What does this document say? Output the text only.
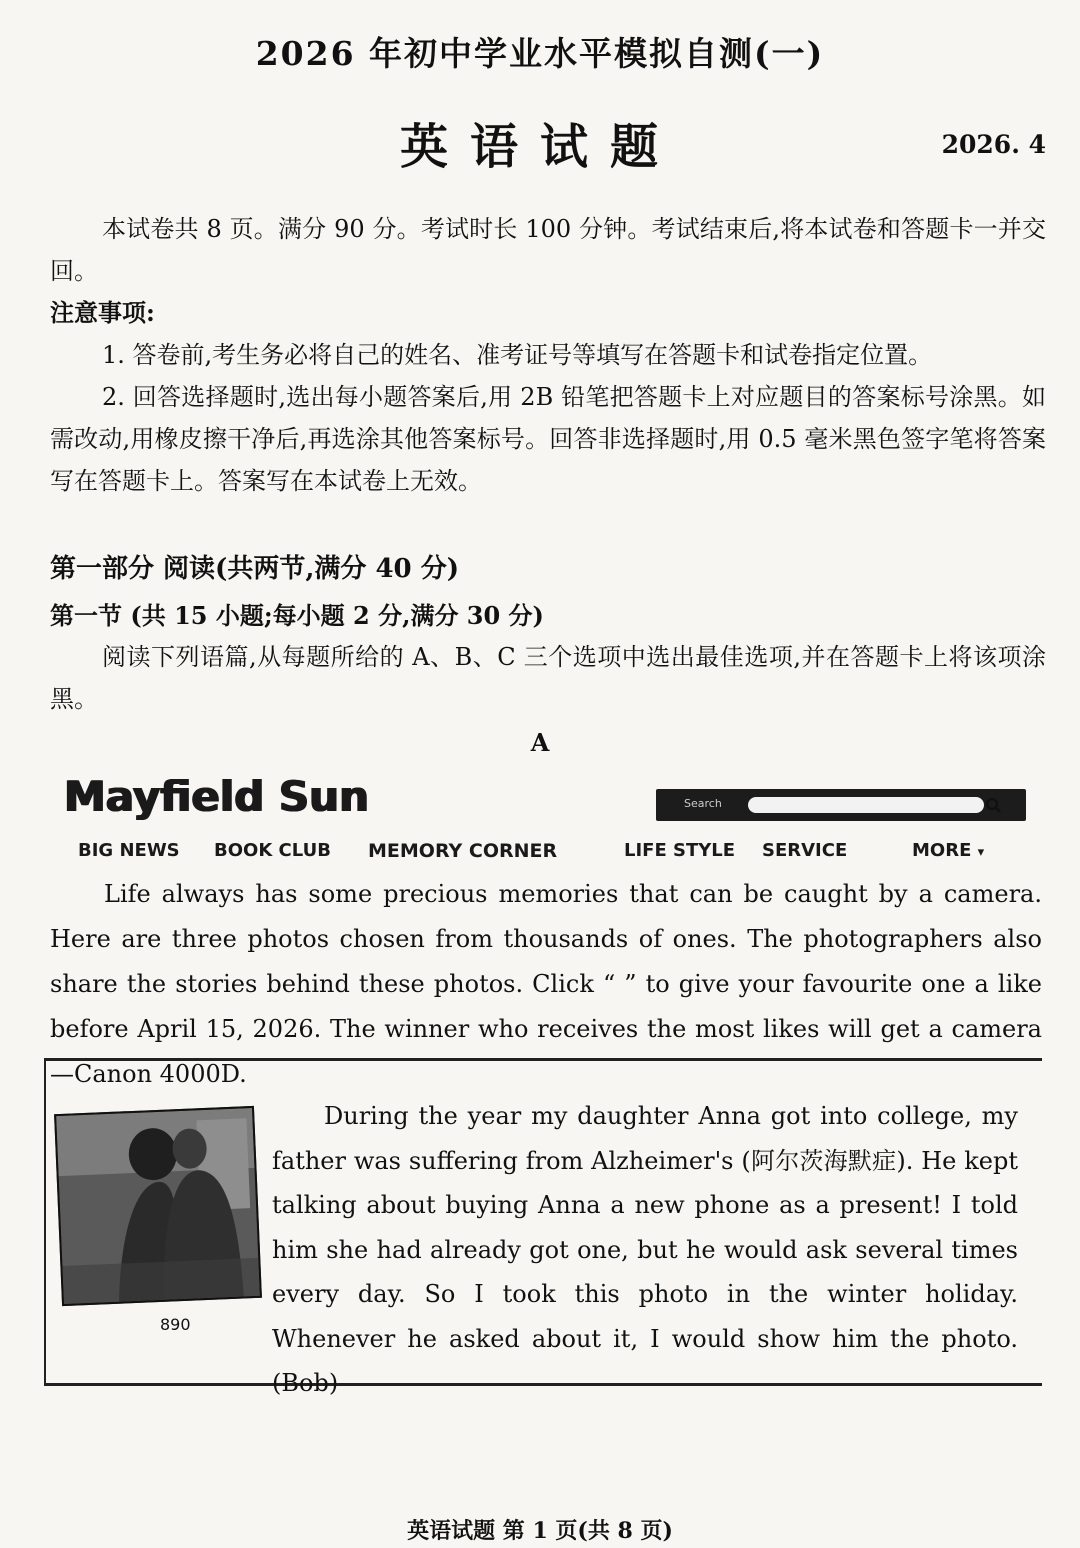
2026 年初中学业水平模拟自测(一)
英语试题	2026. 4
本试卷共 8 页。满分 90 分。考试时长 100 分钟。考试结束后,将本试卷和答题卡一并交回。
注意事项:
1. 答卷前,考生务必将自己的姓名、准考证号等填写在答题卡和试卷指定位置。
2. 回答选择题时,选出每小题答案后,用 2B 铅笔把答题卡上对应题目的答案标号涂黑。如需改动,用橡皮擦干净后,再选涂其他答案标号。回答非选择题时,用 0.5 毫米黑色签字笔将答案写在答题卡上。答案写在本试卷上无效。
第一部分 阅读(共两节,满分 40 分)
第一节 (共 15 小题;每小题 2 分,满分 30 分)
阅读下列语篇,从每题所给的 A、B、C 三个选项中选出最佳选项,并在答题卡上将该项涂黑。
A
Mayfield Sun	Search
BIG NEWS BOOK CLUB MEMORY CORNER	LIFE STYLE SERVICE	MORE ▾
Life always has some precious memories that can be caught by a camera. Here are three photos chosen from thousands of ones. The photographers also share the stories behind these photos. Click “ ” to give your favourite one a like before April 15, 2026. The winner who receives the most likes will get a camera—Canon 4000D.
890
During the year my daughter Anna got into college, my father was suffering from Alzheimer's (阿尔茨海默症). He kept talking about buying Anna a new phone as a present! I told him she had already got one, but he would ask several times every day. So I took this photo in the winter holiday. Whenever he asked about it, I would show him the photo. (Bob)
英语试题 第 1 页(共 8 页)
